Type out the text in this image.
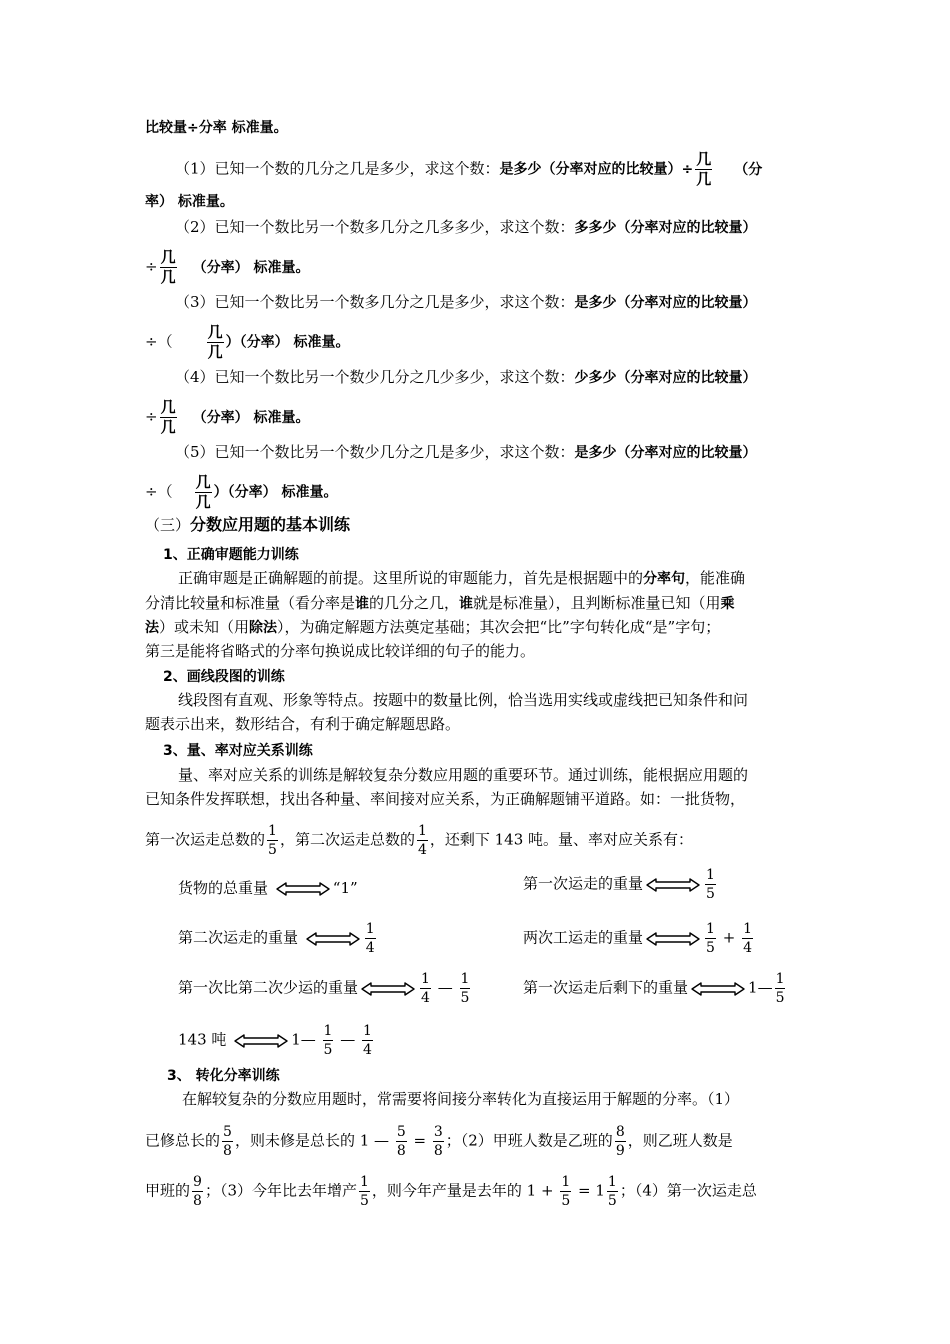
比较量÷分率 标准量。
（1）已知一个数的几分之几是多少，求这个数：是多少（分率对应的比较量）÷ $\frac{\text{几}}{\text{几}}$ （分
率） 标准量。
（2）已知一个数比另一个数多几分之几多多少，求这个数：多多少（分率对应的比较量）
÷ $\frac{\text{几}}{\text{几}}$ （分率） 标准量。
（3）已知一个数比另一个数多几分之几是多少，求这个数：是多少（分率对应的比较量）
÷（ $\frac{\text{几}}{\text{几}}$ ）（分率） 标准量。
（4）已知一个数比另一个数少几分之几少多少，求这个数：少多少（分率对应的比较量）
÷ $\frac{\text{几}}{\text{几}}$ （分率） 标准量。
（5）已知一个数比另一个数少几分之几是多少，求这个数：是多少（分率对应的比较量）
÷（ $\frac{\text{几}}{\text{几}}$ ）（分率） 标准量。
（三）分数应用题的基本训练
1、正确审题能力训练
正确审题是正确解题的前提。这里所说的审题能力，首先是根据题中的分率句，能准确
分清比较量和标准量（看分率是谁的几分之几，谁就是标准量），且判断标准量已知（用乘
法）或未知（用除法），为确定解题方法奠定基础；其次会把“比”字句转化成“是”字句；
第三是能将省略式的分率句换说成比较详细的句子的能力。
2、画线段图的训练
线段图有直观、形象等特点。按题中的数量比例，恰当选用实线或虚线把已知条件和问
题表示出来，数形结合，有利于确定解题思路。
3、量、率对应关系训练
量、率对应关系的训练是解较复杂分数应用题的重要环节。通过训练，能根据应用题的
已知条件发挥联想，找出各种量、率间接对应关系，为正确解题铺平道路。如：一批货物，
第一次运走总数的 $\frac{1}{5}$ ，第二次运走总数的 $\frac{1}{4}$ ，还剩下 143 吨。量、率对应关系有：
货物的总重量	“1”	第一次运走的重量	$\frac{1}{5}$
第二次运走的重量	$\frac{1}{4}$	两次工运走的重量	$\frac{1}{5} + \frac{1}{4}$
第一次比第二次少运的重量	$\frac{1}{4}$ — $\frac{1}{5}$	第一次运走后剩下的重量	1— $\frac{1}{5}$
143 吨	1— $\frac{1}{5}$ — $\frac{1}{4}$
3、 转化分率训练
在解较复杂的分数应用题时，常需要将间接分率转化为直接运用于解题的分率。（1）
已修总长的 $\frac{5}{8}$ ，则未修是总长的 1 — $\frac{5}{8} = \frac{3}{8}$ ；（2）甲班人数是乙班的 $\frac{8}{9}$ ，则乙班人数是
甲班的 $\frac{9}{8}$ ；（3）今年比去年增产 $\frac{1}{5}$ ，则今年产量是去年的 $1 + \frac{1}{5} = 1 \frac{1}{5}$ ；（4）第一次运走总
